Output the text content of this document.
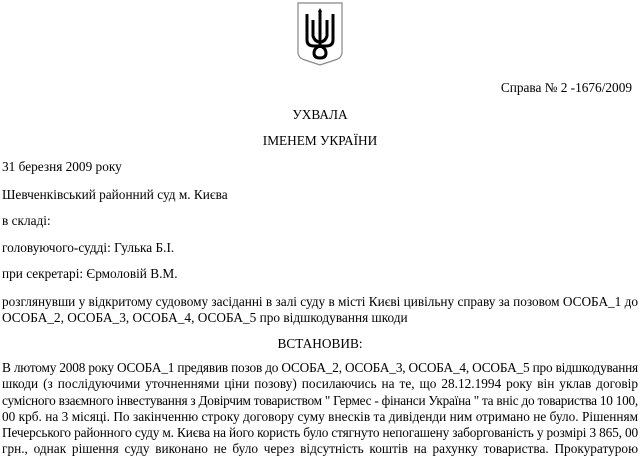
Справа № 2 -1676/2009
УХВАЛА
ІМЕНЕМ УКРАЇНИ
31 березня 2009 року
Шевченківський районний суд м. Києва
в складі:
головуючого-судді: Гулька Б.І.
при секретарі: Єрмоловій В.М.
розглянувши у відкритому судовому засіданні в залі суду в місті Києві цивільну справу за позовом ОСОБА_1 до
ОСОБА_2, ОСОБА_3, ОСОБА_4, ОСОБА_5 про відшкодування шкоди
ВСТАНОВИВ:
В лютому 2008 року ОСОБА_1 предявив позов до ОСОБА_2, ОСОБА_3, ОСОБА_4, ОСОБА_5 про відшкодування
шкоди (з послідуючими уточненнями ціни позову) посилаючись на те, що 28.12.1994 року він уклав договір
сумісного взаємного інвестування з Довірчим товариством " Гермес - фінанси Україна " та вніс до товариства 10 100,
00 крб. на 3 місяці. По закінченню строку договору суму внесків та дивіденди ним отримано не було. Рішенням
Печерського районного суду м. Києва на його користь було стягнуто непогашену заборгованість у розмірі 3 865, 00
грн., однак рішення суду виконано не було через відсутність коштів на рахунку товариства. Прокуратурою
